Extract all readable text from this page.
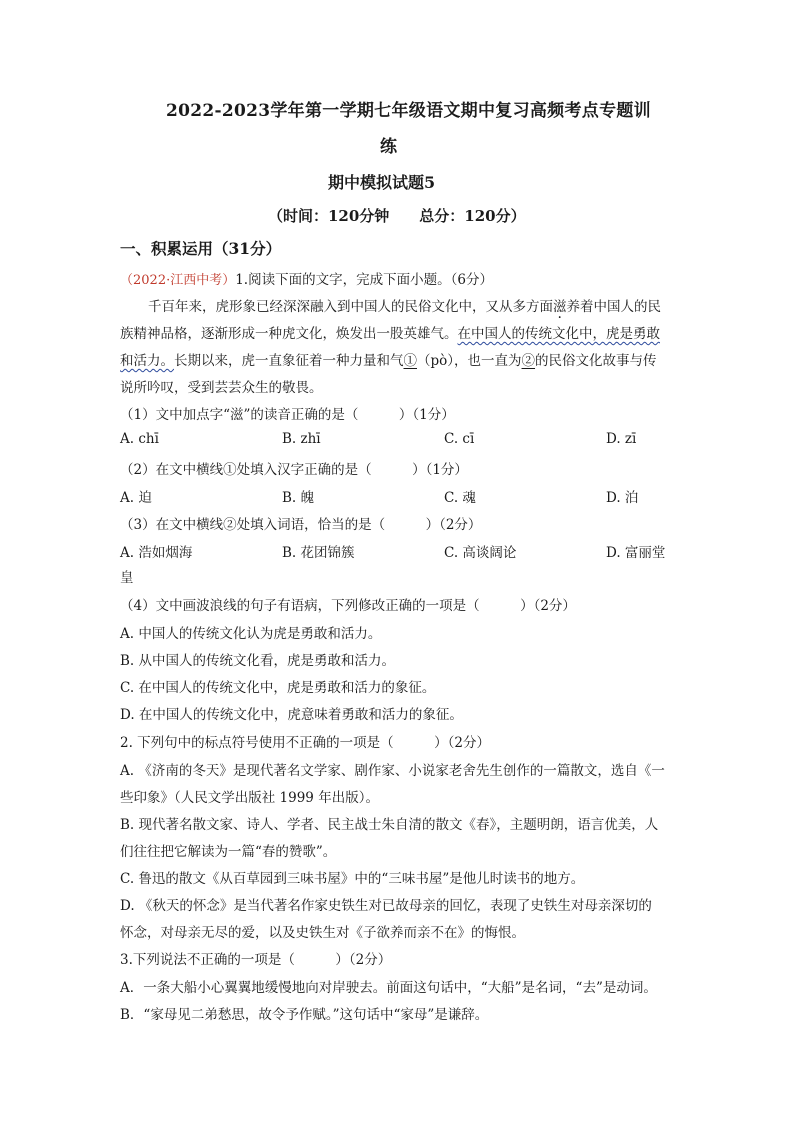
2022-2023学年第一学期七年级语文期中复习高频考点专题训
练
期中模拟试题5
（时间：120分钟　　总分：120分）
一、积累运用（31分）
（2022·江西中考）1.阅读下面的文字，完成下面小题。（6分）
千百年来，虎形象已经深深融入到中国人的民俗文化中，又从多方面滋养着中国人的民
族精神品格，逐渐形成一种虎文化，焕发出一股英雄气。在中国人的传统文化中，虎是勇敢
和活力。长期以来，虎一直象征着一种力量和气①（pò），也一直为②的民俗文化故事与传
说所吟叹，受到芸芸众生的敬畏。
（1）文中加点字“滋”的读音正确的是（　　　）（1分）
A. chī	B. zhī	C. cī	D. zī
（2）在文中横线①处填入汉字正确的是（　　　）（1分）
A. 迫	B. 魄	C. 魂	D. 泊
（3）在文中横线②处填入词语，恰当的是（　　　）（2分）
A. 浩如烟海	B. 花团锦簇	C. 高谈阔论	D. 富丽堂
皇
（4）文中画波浪线的句子有语病，下列修改正确的一项是（　　　）（2分）
A. 中国人的传统文化认为虎是勇敢和活力。
B. 从中国人的传统文化看，虎是勇敢和活力。
C. 在中国人的传统文化中，虎是勇敢和活力的象征。
D. 在中国人的传统文化中，虎意味着勇敢和活力的象征。
2. 下列句中的标点符号使用不正确的一项是（　　　）（2分）
A. 《济南的冬天》是现代著名文学家、剧作家、小说家老舍先生创作的一篇散文，选自《一
些印象》（人民文学出版社 1999 年出版）。
B. 现代著名散文家、诗人、学者、民主战士朱自清的散文《春》，主题明朗，语言优美，人
们往往把它解读为一篇“春的赞歌”。
C. 鲁迅的散文《从百草园到三味书屋》中的“三味书屋”是他儿时读书的地方。
D. 《秋天的怀念》是当代著名作家史铁生对已故母亲的回忆，表现了史铁生对母亲深切的
怀念，对母亲无尽的爱，以及史铁生对《子欲养而亲不在》的悔恨。
3.下列说法不正确的一项是（　　　）（2分）
A．一条大船小心翼翼地缓慢地向对岸驶去。前面这句话中，“大船”是名词，“去”是动词。
B．“家母见二弟愁思，故令予作赋。”这句话中“家母”是谦辞。
